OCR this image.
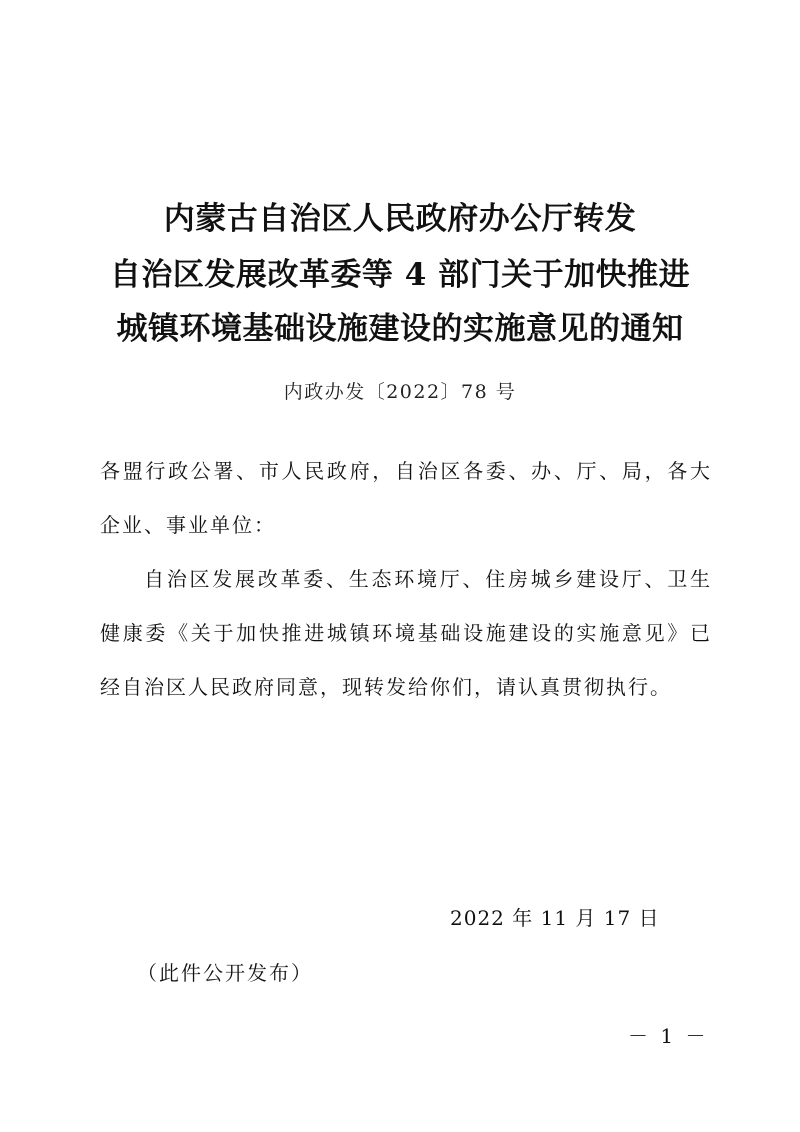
内蒙古自治区人民政府办公厅转发
自治区发展改革委等 4 部门关于加快推进
城镇环境基础设施建设的实施意见的通知

内政办发〔2022〕78 号

各盟行政公署、市人民政府，自治区各委、办、厅、局，各大企业、事业单位：

自治区发展改革委、生态环境厅、住房城乡建设厅、卫生健康委《关于加快推进城镇环境基础设施建设的实施意见》已经自治区人民政府同意，现转发给你们，请认真贯彻执行。

2022 年 11 月 17 日

（此件公开发布）

－ 1 －
